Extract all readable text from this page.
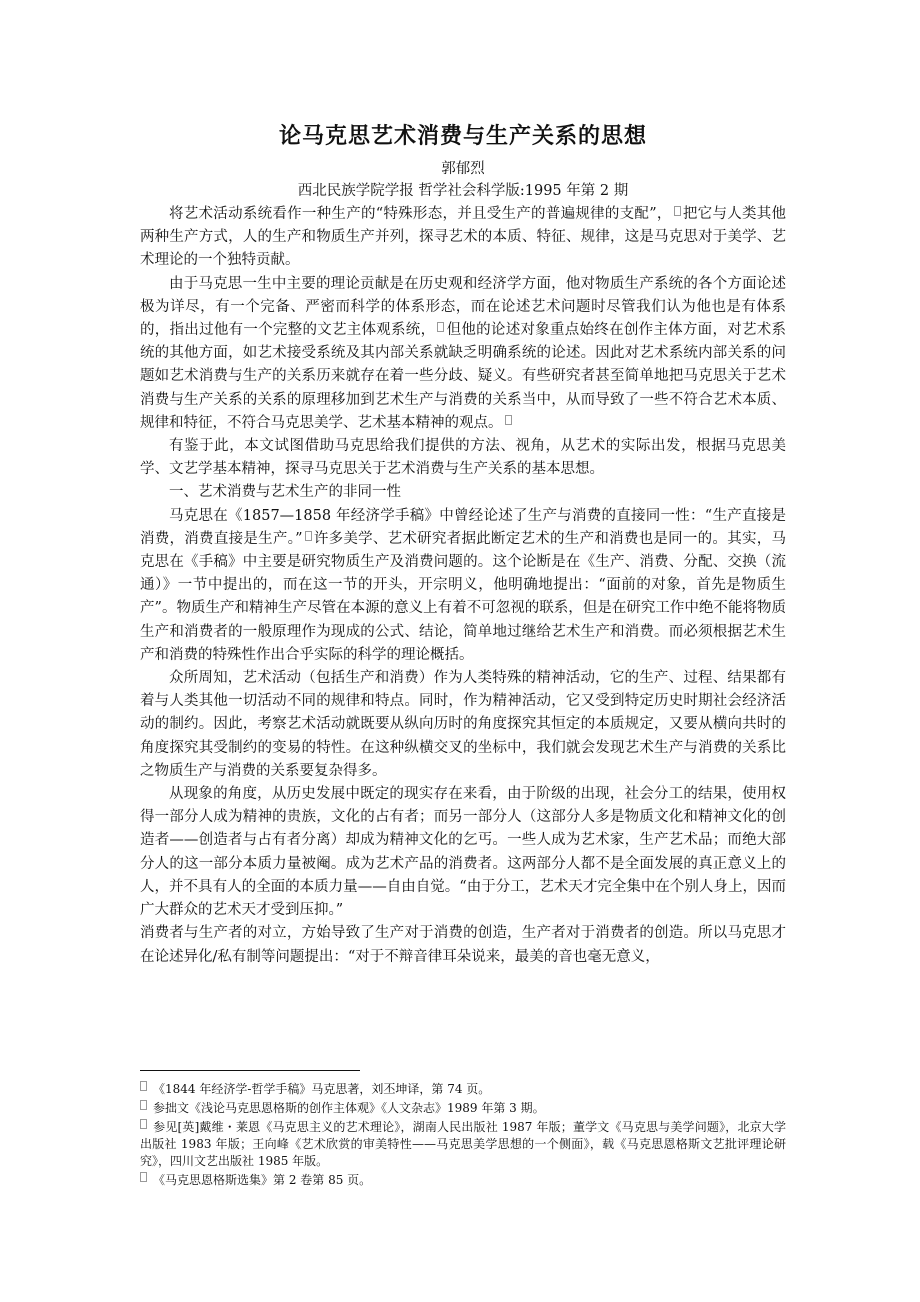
论马克思艺术消费与生产关系的思想

郭郁烈

西北民族学院学报 哲学社会科学版:1995 年第 2 期

将艺术活动系统看作一种生产的“特殊形态，并且受生产的普遍规律的支配”， 把它与人类其他两种生产方式，人的生产和物质生产并列，探寻艺术的本质、特征、规律，这是马克思对于美学、艺术理论的一个独特贡献。

由于马克思一生中主要的理论贡献是在历史观和经济学方面，他对物质生产系统的各个方面论述极为详尽，有一个完备、严密而科学的体系形态，而在论述艺术问题时尽管我们认为他也是有体系的，指出过他有一个完整的文艺主体观系统， 但他的论述对象重点始终在创作主体方面，对艺术系统的其他方面，如艺术接受系统及其内部关系就缺乏明确系统的论述。因此对艺术系统内部关系的问题如艺术消费与生产的关系历来就存在着一些分歧、疑义。有些研究者甚至简单地把马克思关于艺术消费与生产关系的关系的原理移加到艺术生产与消费的关系当中，从而导致了一些不符合艺术本质、规律和特征，不符合马克思美学、艺术基本精神的观点。

有鉴于此，本文试图借助马克思给我们提供的方法、视角，从艺术的实际出发，根据马克思美学、文艺学基本精神，探寻马克思关于艺术消费与生产关系的基本思想。

一、艺术消费与艺术生产的非同一性

马克思在《1857—1858 年经济学手稿》中曾经论述了生产与消费的直接同一性：“生产直接是消费，消费直接是生产。” 许多美学、艺术研究者据此断定艺术的生产和消费也是同一的。其实，马克思在《手稿》中主要是研究物质生产及消费问题的。这个论断是在《生产、消费、分配、交换（流通）》一节中提出的，而在这一节的开头，开宗明义，他明确地提出：“面前的对象，首先是物质生产”。物质生产和精神生产尽管在本源的意义上有着不可忽视的联系，但是在研究工作中绝不能将物质生产和消费者的一般原理作为现成的公式、结论，简单地过继给艺术生产和消费。而必须根据艺术生产和消费的特殊性作出合乎实际的科学的理论概括。

众所周知，艺术活动（包括生产和消费）作为人类特殊的精神活动，它的生产、过程、结果都有着与人类其他一切活动不同的规律和特点。同时，作为精神活动，它又受到特定历史时期社会经济活动的制约。因此，考察艺术活动就既要从纵向历时的角度探究其恒定的本质规定，又要从横向共时的角度探究其受制约的变易的特性。在这种纵横交叉的坐标中，我们就会发现艺术生产与消费的关系比之物质生产与消费的关系要复杂得多。

从现象的角度，从历史发展中既定的现实存在来看，由于阶级的出现，社会分工的结果，使用权得一部分人成为精神的贵族，文化的占有者；而另一部分人（这部分人多是物质文化和精神文化的创造者——创造者与占有者分离）却成为精神文化的乞丐。一些人成为艺术家，生产艺术品；而绝大部分人的这一部分本质力量被阉。成为艺术产品的消费者。这两部分人都不是全面发展的真正意义上的人，并不具有人的全面的本质力量——自由自觉。“由于分工，艺术天才完全集中在个别人身上，因而广大群众的艺术天才受到压抑。”

消费者与生产者的对立，方始导致了生产对于消费的创造，生产者对于消费者的创造。所以马克思才在论述异化/私有制等问题提出：“对于不辩音律耳朵说来，最美的音也毫无意义，

《1844 年经济学-哲学手稿》马克思著，刘丕坤译，第 74 页。

参拙文《浅论马克思恩格斯的创作主体观》《人文杂志》1989 年第 3 期。

参见[英]戴维・莱恩《马克思主义的艺术理论》，湖南人民出版社 1987 年版；董学文《马克思与美学问题》，北京大学出版社 1983 年版；王向峰《艺术欣赏的审美特性——马克思美学思想的一个侧面》，载《马克思恩格斯文艺批评理论研究》，四川文艺出版社 1985 年版。

《马克思恩格斯选集》第 2 卷第 85 页。
